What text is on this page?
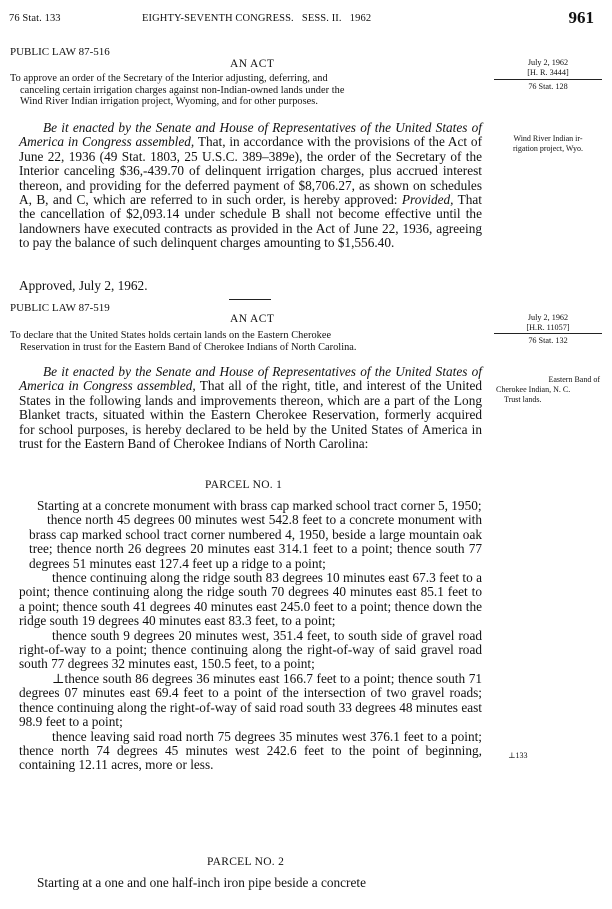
76 Stat. 133	EIGHTY-SEVENTH CONGRESS.   SESS. II.   1962	961
PUBLIC LAW 87-516
AN ACT
To approve an order of the Secretary of the Interior adjusting, deferring, and
canceling certain irrigation charges against non-Indian-owned lands under the
Wind River Indian irrigation project, Wyoming, and for other purposes.
July 2, 1962
[H. R. 3444]
76 Stat. 128

Be it enacted by the Senate and House of Representatives of the United States of America in Congress assembled, That, in accordance with the provisions of the Act of June 22, 1936 (49 Stat. 1803, 25 U.S.C. 389–389e), the order of the Secretary of the Interior canceling $36,-439.70 of delinquent irrigation charges, plus accrued interest thereon, and providing for the deferred payment of $8,706.27, as shown on schedules A, B, and C, which are referred to in such order, is hereby approved: Provided, That the cancellation of $2,093.14 under schedule B shall not become effective until the landowners have executed contracts as provided in the Act of June 22, 1936, agreeing to pay the balance of such delinquent charges amounting to $1,556.40.

Wind River Indian ir-
rigation project, Wyo.
Approved, July 2, 1962.
PUBLIC LAW 87-519
AN ACT
To declare that the United States holds certain lands on the Eastern Cherokee
Reservation in trust for the Eastern Band of Cherokee Indians of North Carolina.
July 2, 1962
[H.R. 11057]
76 Stat. 132

Be it enacted by the Senate and House of Representatives of the United States of America in Congress assembled, That all of the right, title, and interest of the United States in the following lands and improvements thereon, which are a part of the Long Blanket tracts, situated within the Eastern Cherokee Reservation, formerly acquired for school purposes, is hereby declared to be held by the United States of America in trust for the Eastern Band of Cherokee Indians of North Carolina:

Eastern Band of
Cherokee Indian, N. C.
Trust lands.
PARCEL NO. 1

Starting at a concrete monument with brass cap marked school tract corner 5, 1950;

thence north 45 degrees 00 minutes west 542.8 feet to a concrete monument with brass cap marked school tract corner numbered 4, 1950, beside a large mountain oak tree; thence north 26 degrees 20 minutes east 314.1 feet to a point; thence south 77 degrees 51 minutes east 127.4 feet up a ridge to a point;

thence continuing along the ridge south 83 degrees 10 minutes east 67.3 feet to a point; thence continuing along the ridge south 70 degrees 40 minutes east 85.1 feet to a point; thence south 41 degrees 40 minutes east 245.0 feet to a point; thence down the ridge south 19 degrees 40 minutes east 83.3 feet, to a point;

thence south 9 degrees 20 minutes west, 351.4 feet, to south side of gravel road right-of-way to a point; thence continuing along the right-of-way of said gravel road south 77 degrees 32 minutes east, 150.5 feet, to a point;

⊥thence south 86 degrees 36 minutes east 166.7 feet to a point; thence south 71 degrees 07 minutes east 69.4 feet to a point of the intersection of two gravel roads; thence continuing along the right-of-way of said road south 33 degrees 48 minutes east 98.9 feet to a point;

thence leaving said road north 75 degrees 35 minutes west 376.1 feet to a point; thence north 74 degrees 45 minutes west 242.6 feet to the point of beginning, containing 12.11 acres, more or less.

⊥133
PARCEL NO. 2

Starting at a one and one half-inch iron pipe beside a concrete
